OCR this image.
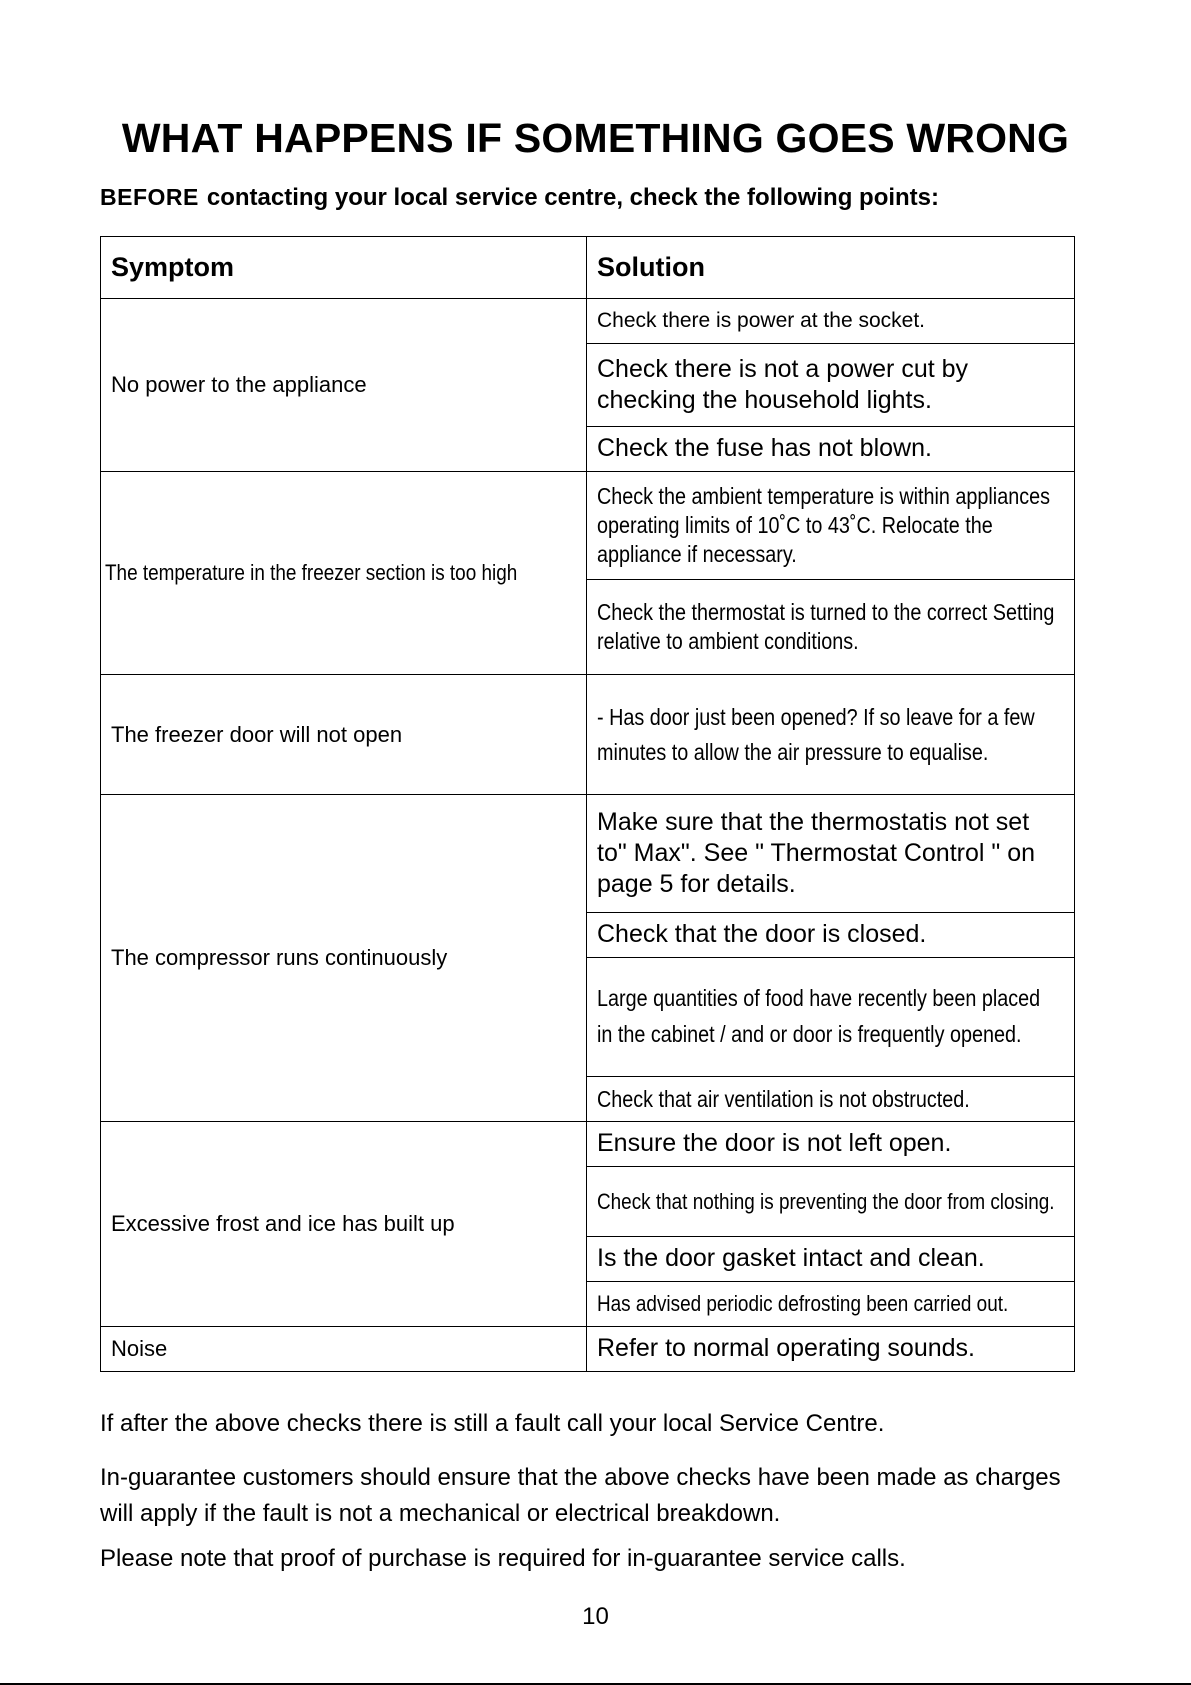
WHAT HAPPENS IF SOMETHING GOES WRONG

BEFORE contacting your local service centre, check the following points:

Symptom	Solution
No power to the appliance	Check there is power at the socket.
	Check there is not a power cut by checking the household lights.
	Check the fuse has not blown.
The temperature in the freezer section is too high	Check the ambient temperature is within appliances operating limits of 10˚C to 43˚C. Relocate the appliance if necessary.
	Check the thermostat is turned to the correct Setting relative to ambient conditions.
The freezer door will not open	- Has door just been opened? If so leave for a few minutes to allow the air pressure to equalise.
The compressor runs continuously	Make sure that the thermostatis not set to" Max". See " Thermostat Control " on page 5 for details.
	Check that the door is closed.
	Large quantities of food have recently been placed in the cabinet / and or door is frequently opened.
	Check that air ventilation is not obstructed.
Excessive frost and ice has built up	Ensure the door is not left open.
	Check that nothing is preventing the door from closing.
	Is the door gasket intact and clean.
	Has advised periodic defrosting been carried out.
Noise	Refer to normal operating sounds.

If after the above checks there is still a fault call your local Service Centre.

In-guarantee customers should ensure that the above checks have been made as charges will apply if the fault is not a mechanical or electrical breakdown.

Please note that proof of purchase is required for in-guarantee service calls.

10
